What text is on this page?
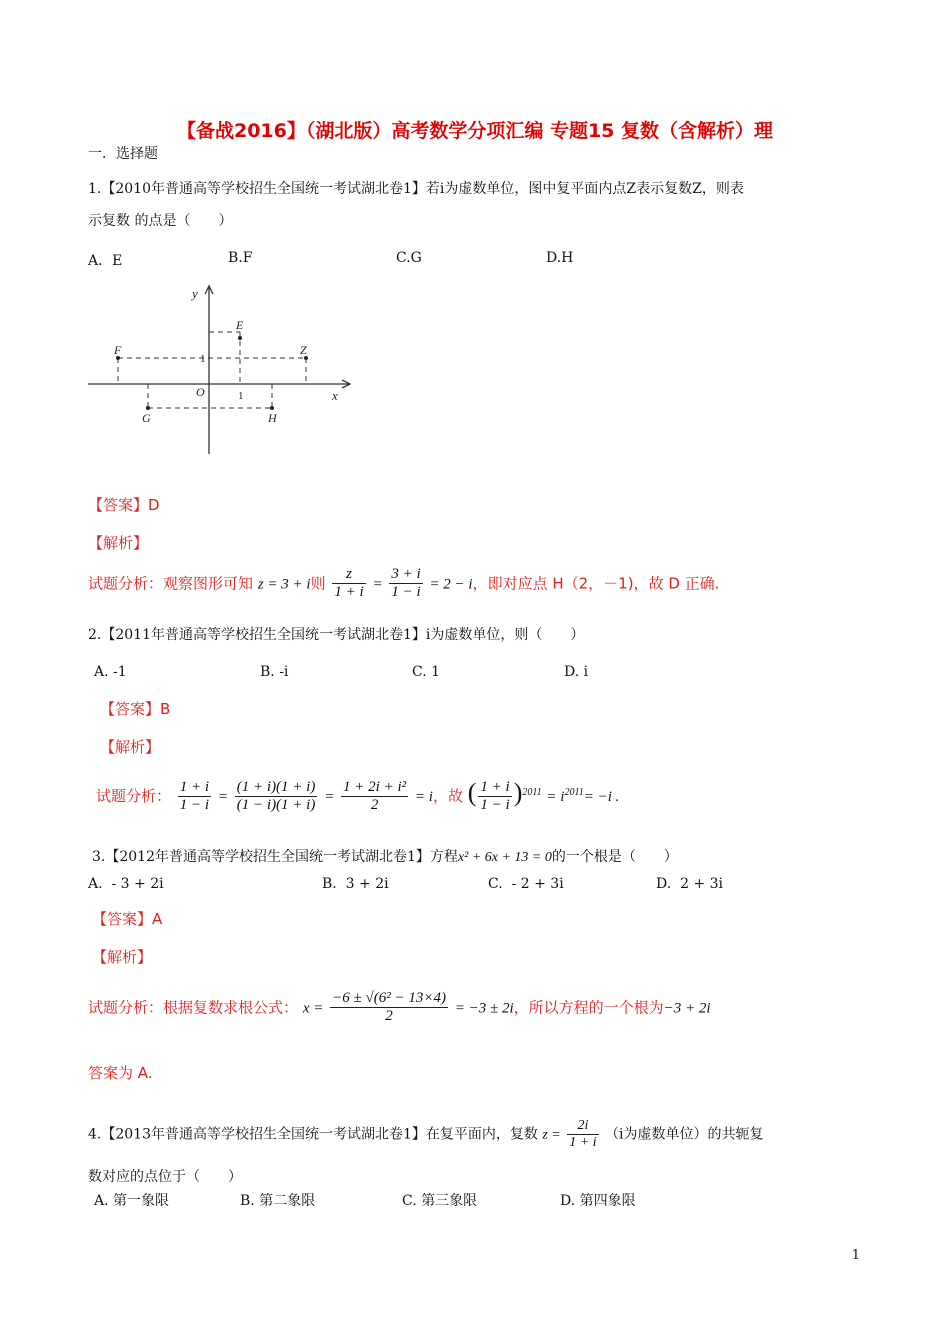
【备战2016】（湖北版）高考数学分项汇编 专题15 复数（含解析）理
一．选择题
1.【2010年普通高等学校招生全国统一考试湖北卷1】若i为虚数单位，图中复平面内点Z表示复数Z，则表
示复数 的点是（　　）
A．E	B.F	C.G	D.H
y
x
O	1
1
E
F	Z
G	H
【答案】D
【解析】
试题分析：观察图形可知 z = 3 + i则 $\frac{z}{1 + i} = \frac{3 + i}{1 - i} = 2 - i$，即对应点 H（2，－1)，故 D 正确.
2.【2011年普通高等学校招生全国统一考试湖北卷1】i为虚数单位，则（　　）
A. -1	B. -i	C. 1	D. i
【答案】B
【解析】
试题分析： $\frac{1 + i}{1 - i} = \frac{(1 + i)(1 + i)}{(1 - i)(1 + i)} = \frac{\text{1 + 2i + i²}}{2} = i$，故 ( $\frac{1 + i}{1 - i} )^{2011} = i^{2011}= -i$ .
3.【2012年普通高等学校招生全国统一考试湖北卷1】方程x² + 6x + 13 = 0的一个根是（　　）
A. - 3 + 2i	B. 3 + 2i	C. - 2 + 3i	D. 2 + 3i
【答案】A
【解析】
试题分析：根据复数求根公式： $x = \frac{\text{−6 ± √(6² − 13×4)}}{2} = -3 \pm 2i$，所以方程的一个根为−3 + 2i
答案为 A.
4.【2013年普通高等学校招生全国统一考试湖北卷1】在复平面内，复数 $z = \frac{2i}{1 + i} (i$为虚数单位）的共轭复
数对应的点位于（　　）
A. 第一象限	B. 第二象限	C. 第三象限	D. 第四象限
1
